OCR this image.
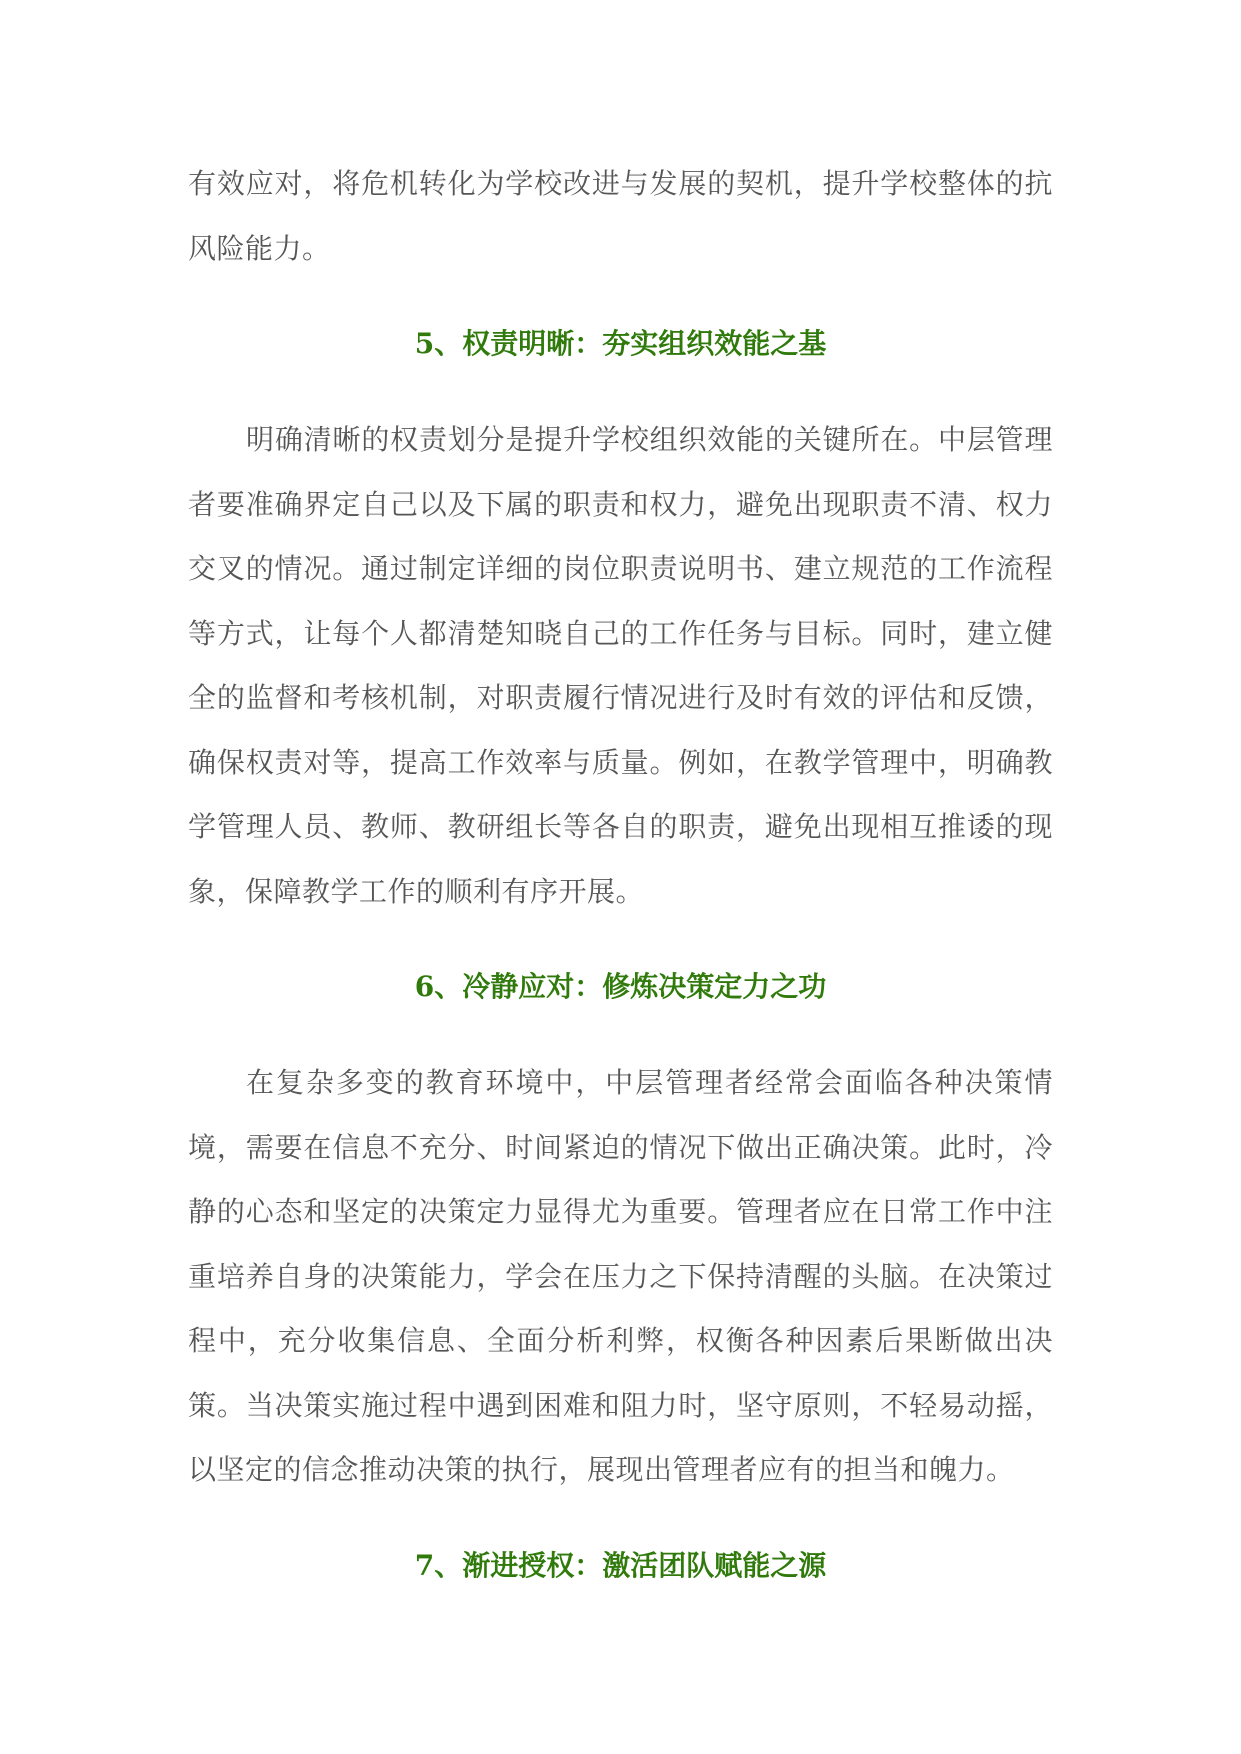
有效应对，将危机转化为学校改进与发展的契机，提升学校整体的抗风险能力。

5、权责明晰：夯实组织效能之基

明确清晰的权责划分是提升学校组织效能的关键所在。中层管理者要准确界定自己以及下属的职责和权力，避免出现职责不清、权力交叉的情况。通过制定详细的岗位职责说明书、建立规范的工作流程等方式，让每个人都清楚知晓自己的工作任务与目标。同时，建立健全的监督和考核机制，对职责履行情况进行及时有效的评估和反馈，确保权责对等，提高工作效率与质量。例如，在教学管理中，明确教学管理人员、教师、教研组长等各自的职责，避免出现相互推诿的现象，保障教学工作的顺利有序开展。

6、冷静应对：修炼决策定力之功

在复杂多变的教育环境中，中层管理者经常会面临各种决策情境，需要在信息不充分、时间紧迫的情况下做出正确决策。此时，冷静的心态和坚定的决策定力显得尤为重要。管理者应在日常工作中注重培养自身的决策能力，学会在压力之下保持清醒的头脑。在决策过程中，充分收集信息、全面分析利弊，权衡各种因素后果断做出决策。当决策实施过程中遇到困难和阻力时，坚守原则，不轻易动摇，以坚定的信念推动决策的执行，展现出管理者应有的担当和魄力。

7、渐进授权：激活团队赋能之源
